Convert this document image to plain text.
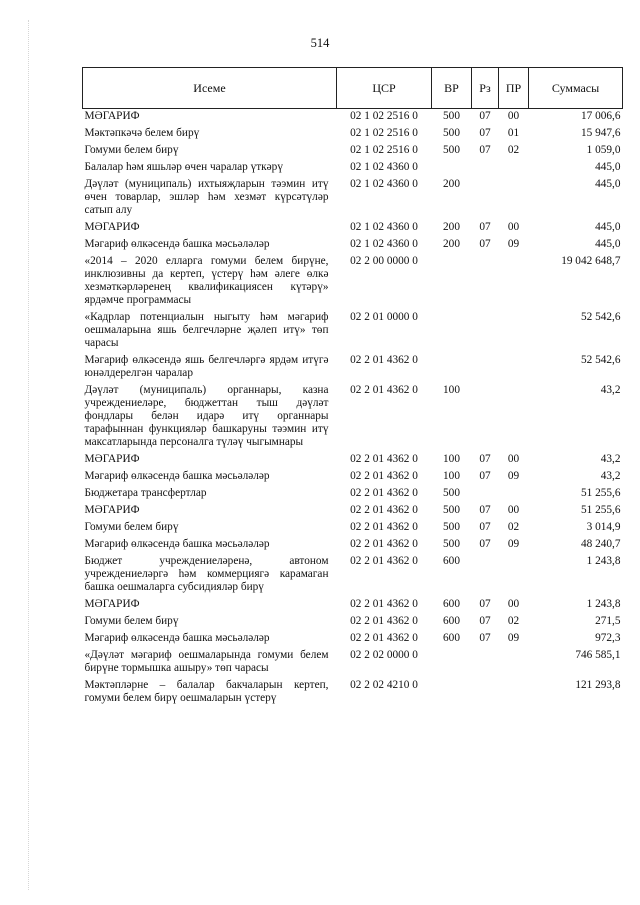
514
Исеме	ЦСР	ВР	Рз	ПР	Суммасы
МӘГАРИФ	02 1 02 2516 0	500	07	00	17 006,6
Мәктәпкәчә белем бирү	02 1 02 2516 0	500	07	01	15 947,6
Гомуми белем бирү	02 1 02 2516 0	500	07	02	1 059,0
Балалар һәм яшьләр өчен чаралар үткәрү	02 1 02 4360 0				445,0
Дәүләт (муниципаль) ихтыяҗларын тәэмин итү өчен товарлар, эшләр һәм хезмәт күрсәтүләр сатып алу	02 1 02 4360 0	200			445,0
МӘГАРИФ	02 1 02 4360 0	200	07	00	445,0
Мәгариф өлкәсендә башка мәсьәләләр	02 1 02 4360 0	200	07	09	445,0
«2014 – 2020 елларга гомуми белем бирүне, инклюзивны да кертеп, үстерү һәм әлеге өлкә хезмәткәрләренең квалификациясен күтәрү» ярдәмче программасы	02 2 00 0000 0				19 042 648,7
«Кадрлар потенциалын ныгыту һәм мәгариф оешмаларына яшь белгечләрне җәлеп итү» төп чарасы	02 2 01 0000 0				52 542,6
Мәгариф өлкәсендә яшь белгечләргә ярдәм итүгә юнәлдерелгән чаралар	02 2 01 4362 0				52 542,6
Дәүләт (муниципаль) органнары, казна учреждениеләре, бюджеттан тыш дәүләт фондлары белән идарә итү органнары тарафыннан функцияләр башкаруны тәэмин итү максатларында персоналга түләү чыгымнары	02 2 01 4362 0	100			43,2
МӘГАРИФ	02 2 01 4362 0	100	07	00	43,2
Мәгариф өлкәсендә башка мәсьәләләр	02 2 01 4362 0	100	07	09	43,2
Бюджетара трансфертлар	02 2 01 4362 0	500			51 255,6
МӘГАРИФ	02 2 01 4362 0	500	07	00	51 255,6
Гомуми белем бирү	02 2 01 4362 0	500	07	02	3 014,9
Мәгариф өлкәсендә башка мәсьәләләр	02 2 01 4362 0	500	07	09	48 240,7
Бюджет учреждениеләренә, автоном учреждениеләргә һәм коммерциягә карамаган башка оешмаларга субсидияләр бирү	02 2 01 4362 0	600			1 243,8
МӘГАРИФ	02 2 01 4362 0	600	07	00	1 243,8
Гомуми белем бирү	02 2 01 4362 0	600	07	02	271,5
Мәгариф өлкәсендә башка мәсьәләләр	02 2 01 4362 0	600	07	09	972,3
«Дәүләт мәгариф оешмаларында гомуми белем бирүне тормышка ашыру» төп чарасы	02 2 02 0000 0				746 585,1
Мәктәпләрне – балалар бакчаларын кертеп, гомуми белем бирү оешмаларын үстерү	02 2 02 4210 0				121 293,8
